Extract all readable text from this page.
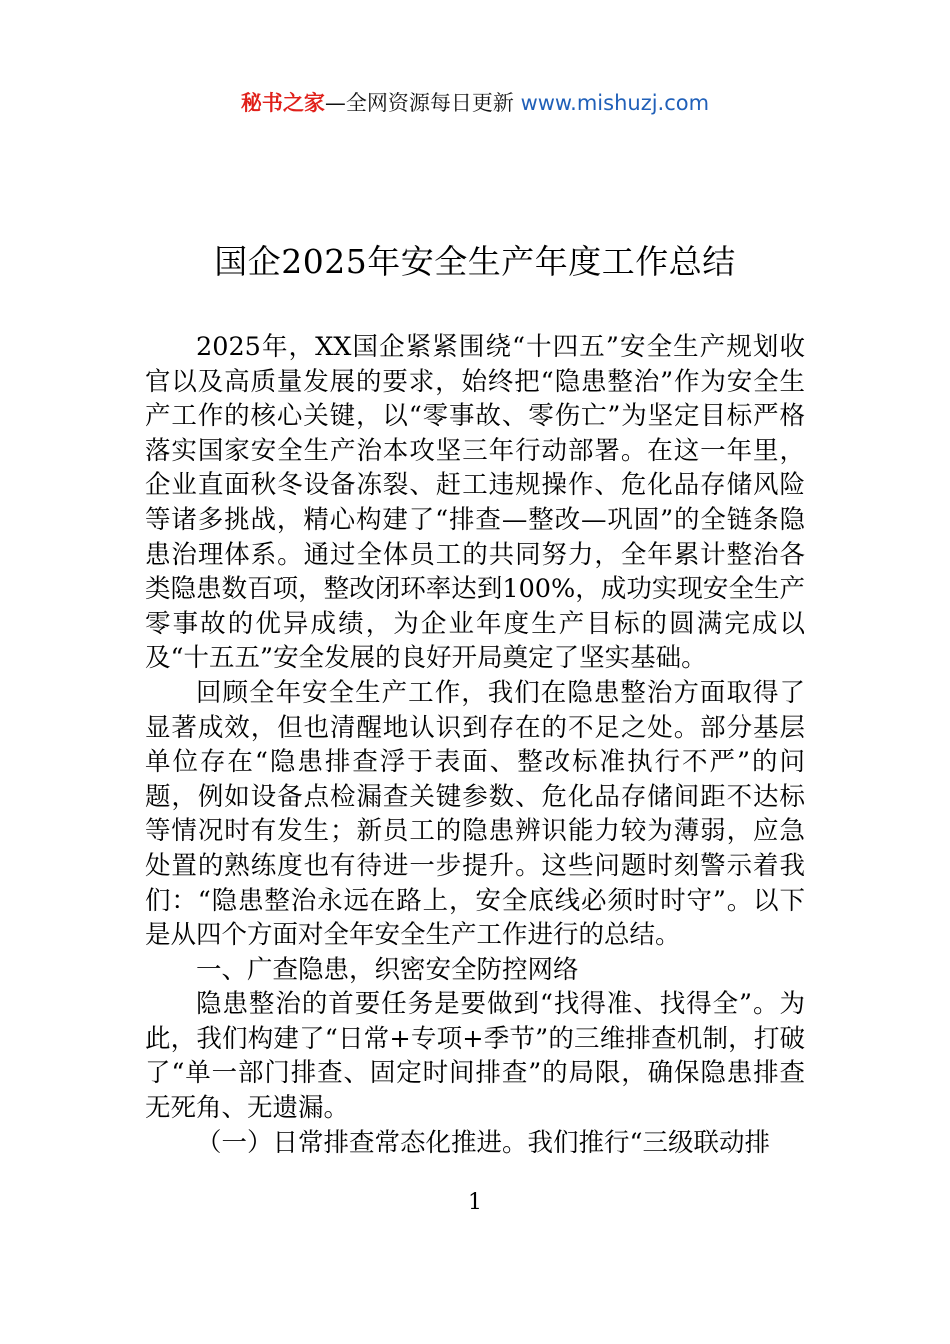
秘书之家—全网资源每日更新 www.mishuzj.com
国企2025年安全生产年度工作总结

2025年，XX国企紧紧围绕“十四五”安全生产规划收官以及高质量发展的要求，始终把“隐患整治”作为安全生产工作的核心关键，以“零事故、零伤亡”为坚定目标严格落实国家安全生产治本攻坚三年行动部署。在这一年里，企业直面秋冬设备冻裂、赶工违规操作、危化品存储风险等诸多挑战，精心构建了“排查—整改—巩固”的全链条隐患治理体系。通过全体员工的共同努力，全年累计整治各类隐患数百项，整改闭环率达到100%，成功实现安全生产零事故的优异成绩，为企业年度生产目标的圆满完成以及“十五五”安全发展的良好开局奠定了坚实基础。

回顾全年安全生产工作，我们在隐患整治方面取得了显著成效，但也清醒地认识到存在的不足之处。部分基层单位存在“隐患排查浮于表面、整改标准执行不严”的问题，例如设备点检漏查关键参数、危化品存储间距不达标等情况时有发生；新员工的隐患辨识能力较为薄弱，应急处置的熟练度也有待进一步提升。这些问题时刻警示着我们：“隐患整治永远在路上，安全底线必须时时守”。以下是从四个方面对全年安全生产工作进行的总结。

一、广查隐患，织密安全防控网络

隐患整治的首要任务是要做到“找得准、找得全”。为此，我们构建了“日常+专项+季节”的三维排查机制，打破了“单一部门排查、固定时间排查”的局限，确保隐患排查无死角、无遗漏。

（一）日常排查常态化推进。我们推行“三级联动排

1
